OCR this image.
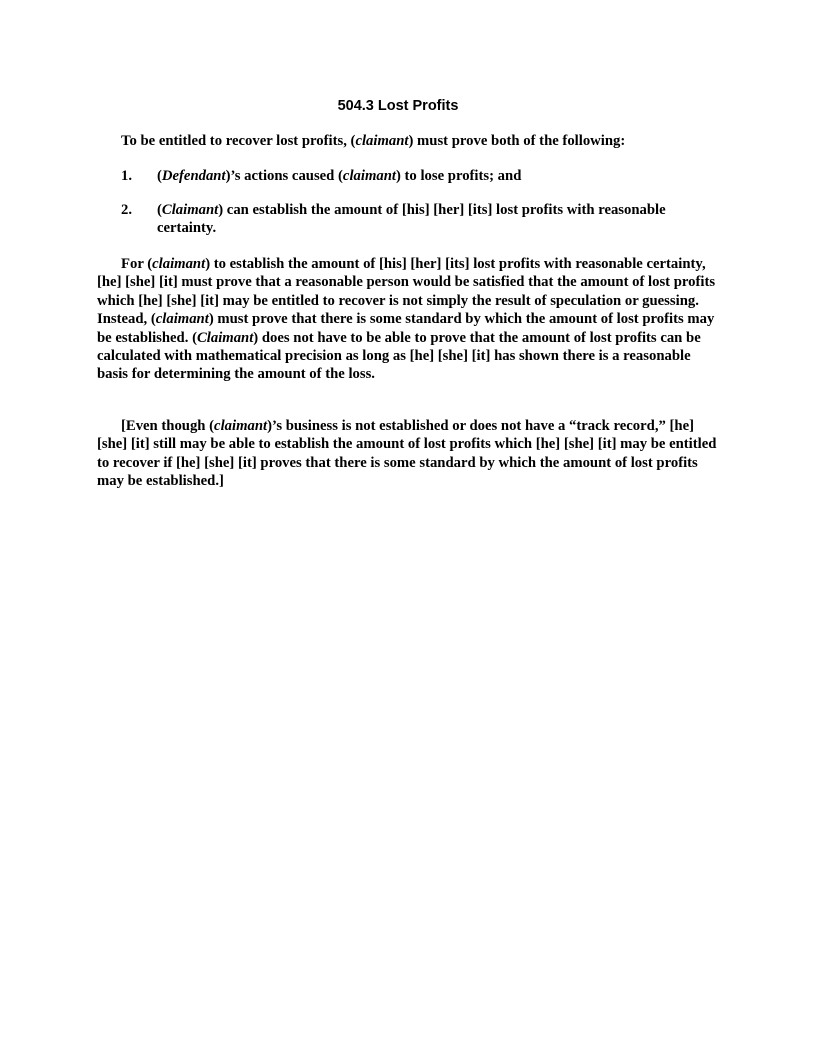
504.3 Lost Profits
To be entitled to recover lost profits, (claimant) must prove both of the following:
1.	(Defendant)’s actions caused (claimant) to lose profits; and
2.	(Claimant) can establish the amount of [his] [her] [its] lost profits with reasonable certainty.
For (claimant) to establish the amount of [his] [her] [its] lost profits with reasonable certainty, [he] [she] [it] must prove that a reasonable person would be satisfied that the amount of lost profits which [he] [she] [it] may be entitled to recover is not simply the result of speculation or guessing. Instead, (claimant) must prove that there is some standard by which the amount of lost profits may be established. (Claimant) does not have to be able to prove that the amount of lost profits can be calculated with mathematical precision as long as [he] [she] [it] has shown there is a reasonable basis for determining the amount of the loss.
[Even though (claimant)’s business is not established or does not have a “track record,” [he] [she] [it] still may be able to establish the amount of lost profits which [he] [she] [it] may be entitled to recover if [he] [she] [it] proves that there is some standard by which the amount of lost profits may be established.]
